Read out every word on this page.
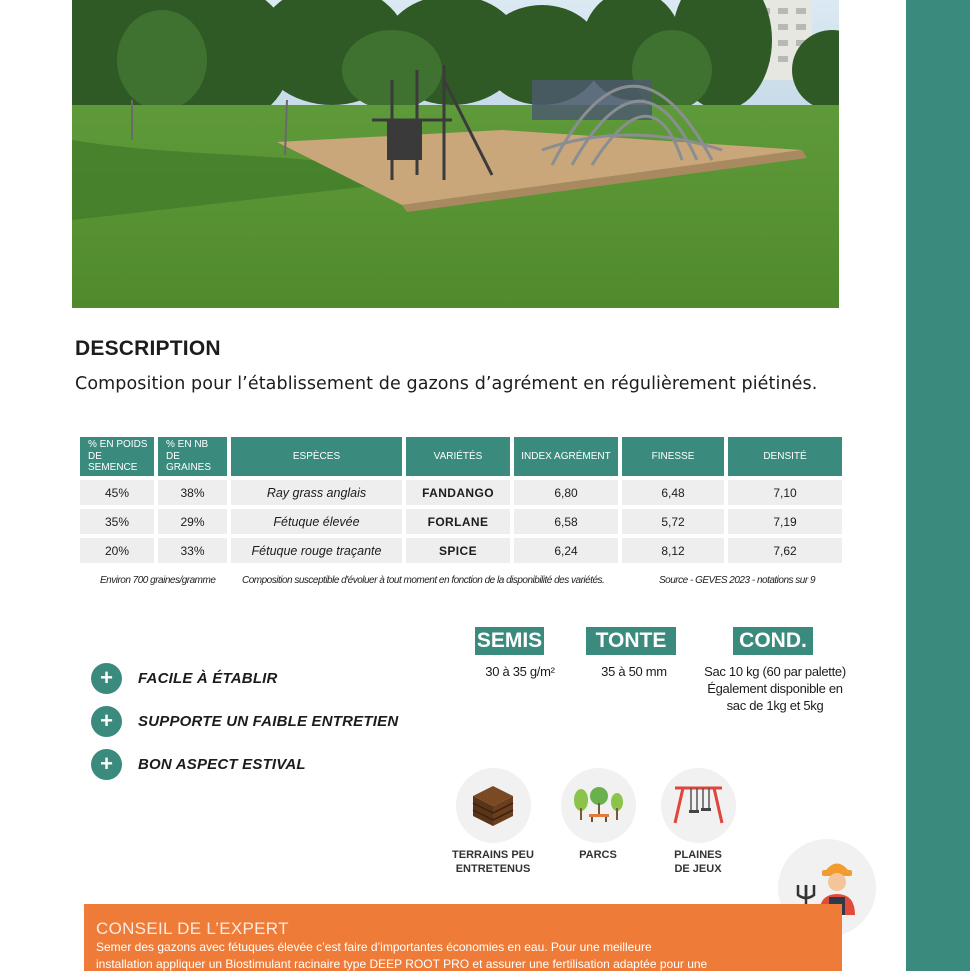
DESCRIPTION
Composition pour l’établissement de gazons d’agrément en régulièrement piétinés.
% EN POIDS DE SEMENCE	% EN NB DE GRAINES	ESPÈCES	VARIÉTÉS	INDEX AGRÉMENT	FINESSE	DENSITÉ
45%	38%	Ray grass anglais	FANDANGO	6,80	6,48	7,10
35%	29%	Fétuque élevée	FORLANE	6,58	5,72	7,19
20%	33%	Fétuque rouge traçante	SPICE	6,24	8,12	7,62
Environ 700 graines/gramme	Composition susceptible d'évoluer à tout moment en fonction de la disponibilité des variétés.	Source - GEVES 2023 - notations sur 9
SEMIS	TONTE	COND.
30 à 35 g/m²	35 à 50 mm	Sac 10 kg (60 par palette)
Également disponible en
sac de 1kg et 5kg
+	FACILE À ÉTABLIR
+	SUPPORTE UN FAIBLE ENTRETIEN
+	BON ASPECT ESTIVAL
TERRAINS PEU
ENTRETENUS
PARCS	PLAINES
DE JEUX
CONSEIL DE L’EXPERT
Semer des gazons avec fétuques élevée c’est faire d’importantes économies en eau. Pour une meilleure
installation appliquer un Biostimulant racinaire type DEEP ROOT PRO et assurer une fertilisation adaptée pour une
